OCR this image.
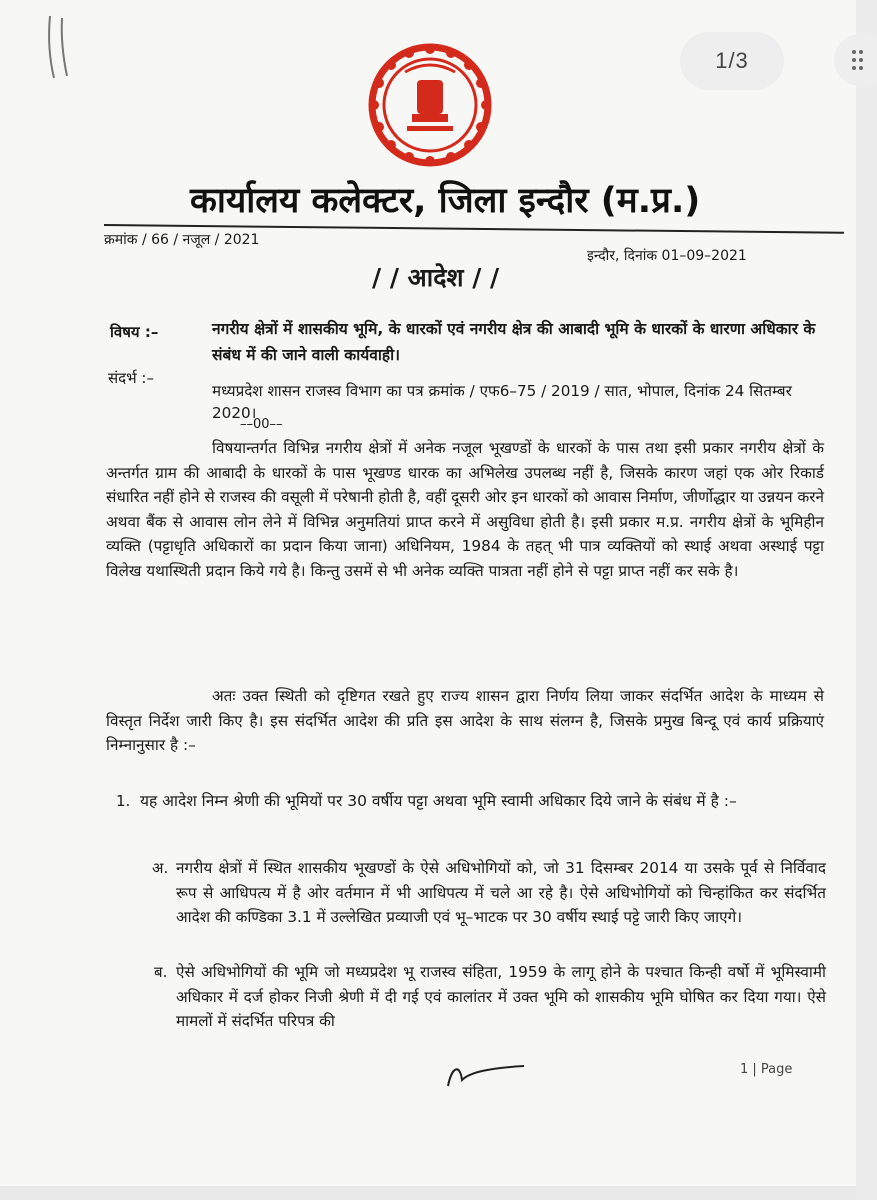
कार्यालय कलेक्टर, जिला इन्दौर (म.प्र.)
क्रमांक / 66 / नजूल / 2021
इन्दौर, दिनांक 01–09–2021
/ / आदेश / /
विषय :–	नगरीय क्षेत्रों में शासकीय भूमि, के धारकों एवं नगरीय क्षेत्र की आबादी भूमि के धारकों के धारणा अधिकार के संबंध में की जाने वाली कार्यवाही।
संदर्भ :–
मध्यप्रदेश शासन राजस्व विभाग का पत्र क्रमांक / एफ6–75 / 2019 / सात, भोपाल, दिनांक 24 सितम्बर 2020।
––00––
विषयान्तर्गत विभिन्न नगरीय क्षेत्रों में अनेक नजूल भूखण्डों के धारकों के पास तथा इसी प्रकार नगरीय क्षेत्रों के अन्तर्गत ग्राम की आबादी के धारकों के पास भूखण्ड धारक का अभिलेख उपलब्ध नहीं है, जिसके कारण जहां एक ओर रिकार्ड संधारित नहीं होने से राजस्व की वसूली में परेषानी होती है, वहीं दूसरी ओर इन धारकों को आवास निर्माण, जीर्णोद्धार या उन्नयन करने अथवा बैंक से आवास लोन लेने में विभिन्न अनुमतियां प्राप्त करने में असुविधा होती है। इसी प्रकार म.प्र. नगरीय क्षेत्रों के भूमिहीन व्यक्ति (पट्टाधृति अधिकारों का प्रदान किया जाना) अधिनियम, 1984 के तहत् भी पात्र व्यक्तियों को स्थाई अथवा अस्थाई पट्टा विलेख यथास्थिती प्रदान किये गये है। किन्तु उसमें से भी अनेक व्यक्ति पात्रता नहीं होने से पट्टा प्राप्त नहीं कर सके है।
अतः उक्त स्थिती को दृष्टिगत रखते हुए राज्य शासन द्वारा निर्णय लिया जाकर संदर्भित आदेश के माध्यम से विस्तृत निर्देश जारी किए है। इस संदर्भित आदेश की प्रति इस आदेश के साथ संलग्न है, जिसके प्रमुख बिन्दू एवं कार्य प्रक्रियाएं निम्नानुसार है :–
1. यह आदेश निम्न श्रेणी की भूमियों पर 30 वर्षीय पट्टा अथवा भूमि स्वामी अधिकार दिये जाने के संबंध में है :–
अ. नगरीय क्षेत्रों में स्थित शासकीय भूखण्डों के ऐसे अधिभोगियों को, जो 31 दिसम्बर 2014 या उसके पूर्व से निर्विवाद रूप से आधिपत्य में है ओर वर्तमान में भी आधिपत्य में चले आ रहे है। ऐसे अधिभोगियों को चिन्हांकित कर संदर्भित आदेश की कण्डिका 3.1 में उल्लेखित प्रव्याजी एवं भू–भाटक पर 30 वर्षीय स्थाई पट्टे जारी किए जाएगे।
ब. ऐसे अधिभोगियों की भूमि जो मध्यप्रदेश भू राजस्व संहिता, 1959 के लागू होने के पश्चात किन्ही वर्षो में भूमिस्वामी अधिकार में दर्ज होकर निजी श्रेणी में दी गई एवं कालांतर में उक्त भूमि को शासकीय भूमि घोषित कर दिया गया। ऐसे मामलों में संदर्भित परिपत्र की
1 | Page
1/3
